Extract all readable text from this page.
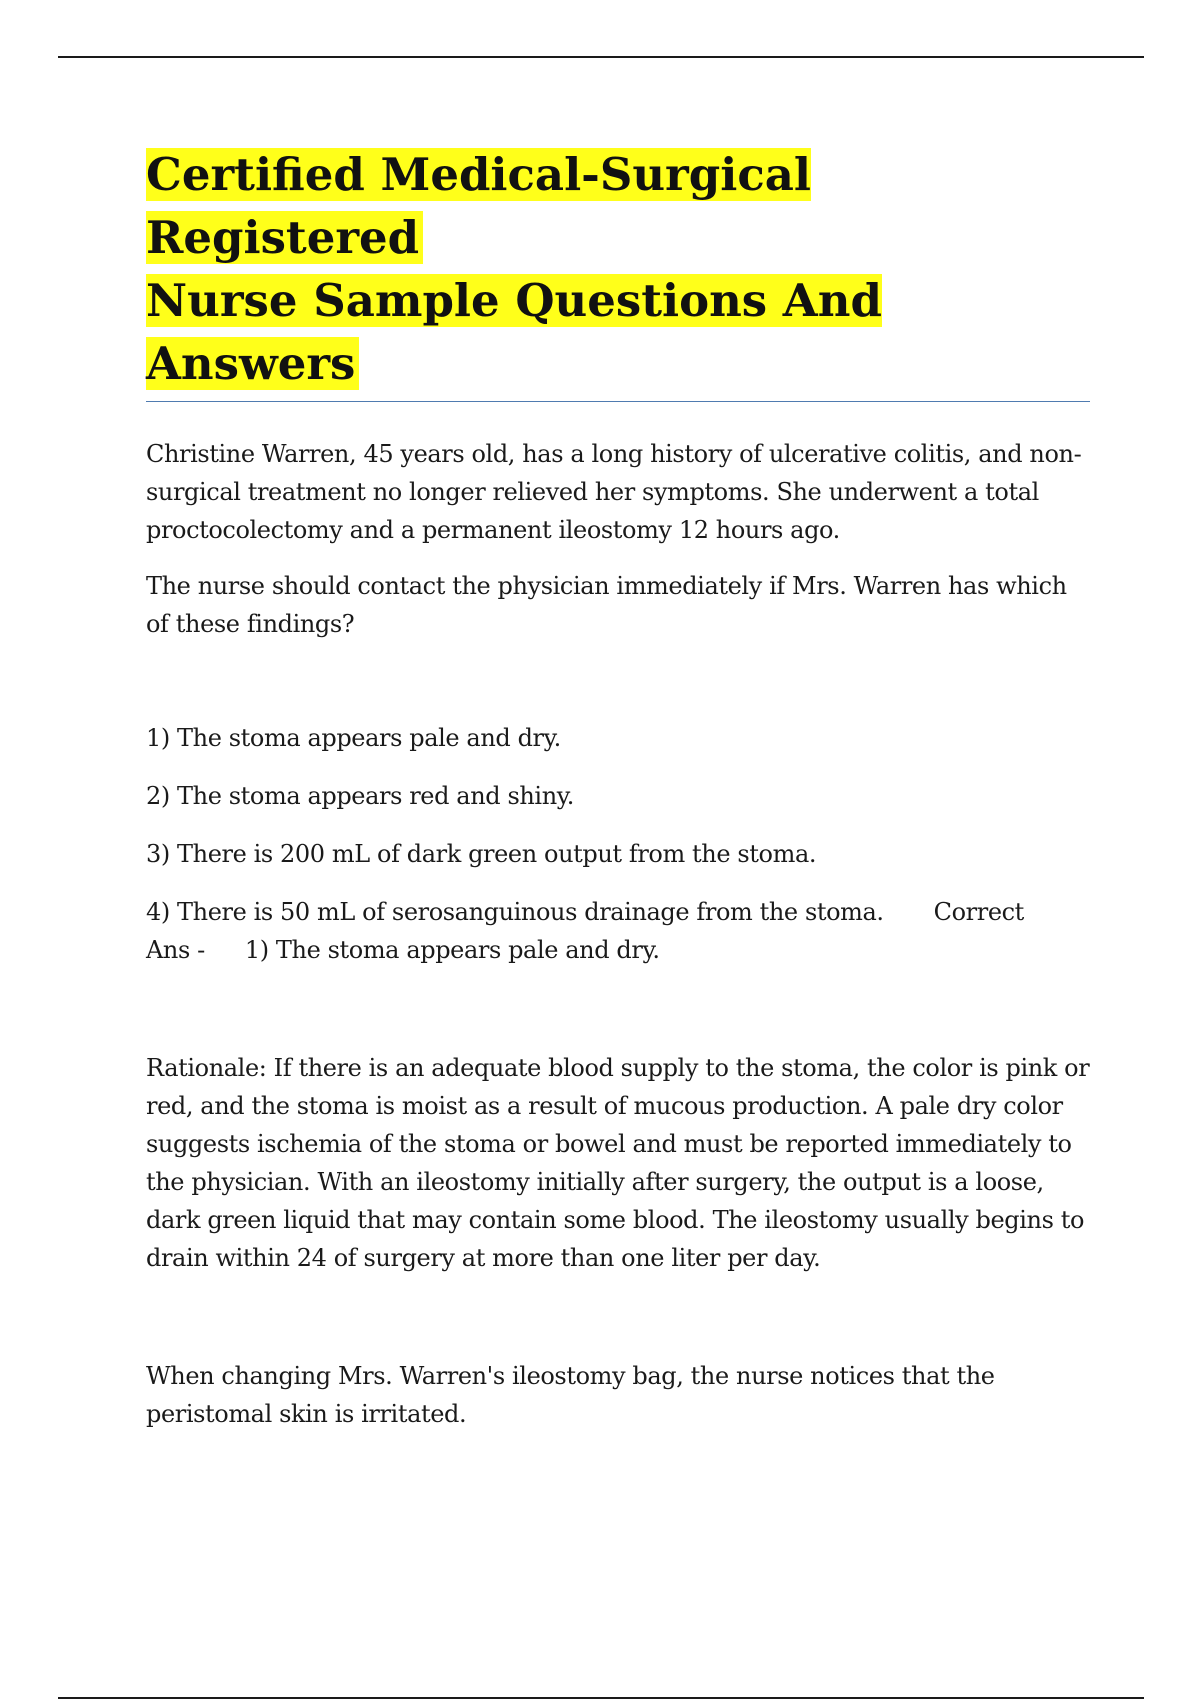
Certified Medical-Surgical Registered
Nurse Sample Questions And Answers

Christine Warren, 45 years old, has a long history of ulcerative colitis, and non-surgical treatment no longer relieved her symptoms. She underwent a total proctocolectomy and a permanent ileostomy 12 hours ago.

The nurse should contact the physician immediately if Mrs. Warren has which of these findings?

1) The stoma appears pale and dry.

2) The stoma appears red and shiny.

3) There is 200 mL of dark green output from the stoma.

4) There is 50 mL of serosanguinous drainage from the stoma. Correct

Ans - 1) The stoma appears pale and dry.

Rationale: If there is an adequate blood supply to the stoma, the color is pink or red, and the stoma is moist as a result of mucous production. A pale dry color suggests ischemia of the stoma or bowel and must be reported immediately to the physician. With an ileostomy initially after surgery, the output is a loose, dark green liquid that may contain some blood. The ileostomy usually begins to drain within 24 of surgery at more than one liter per day.

When changing Mrs. Warren's ileostomy bag, the nurse notices that the peristomal skin is irritated.
